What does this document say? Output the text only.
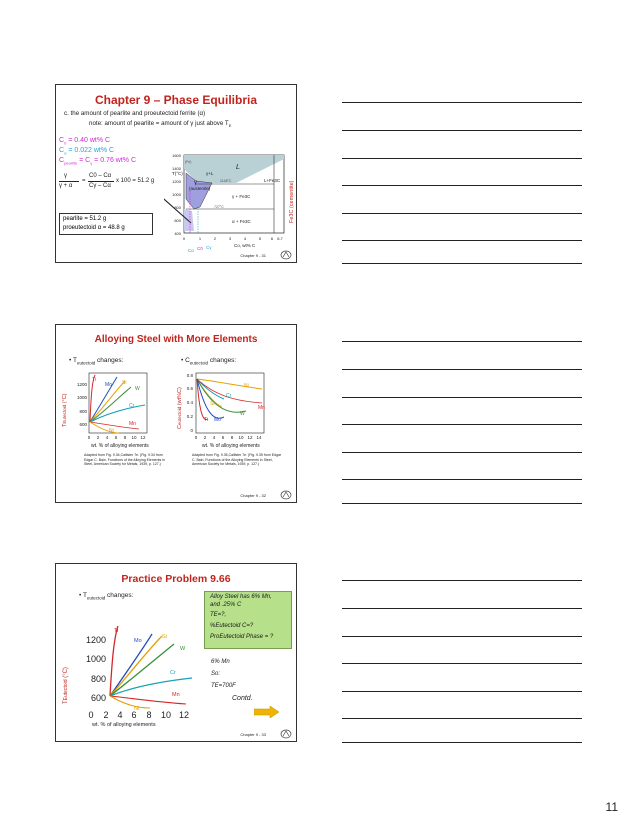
Chapter 9 – Phase Equilibria
c. the amount of pearlite and proeutectoid ferrite (α)
note: amount of pearlite = amount of γ just above $T_E$
$C_0 = 0.40$ wt% C
$C_\alpha = 0.022$ wt% C
$C_{pearlite} = C_\gamma = 0.76$ wt% C
γ
γ + α
=
C0 – Cα
Cγ – Cα
x 100 = 51.2 g
pearlite = 51.2 g
proeutectoid α = 48.8 g
1600
1400
1200
1000
800
600
400
T(°C)
0	1	2	3	4	5 6 6.7
Co, wt% C
L
γ
(austenite)
γ+L
L+Fe3C
γ + Fe3C
α + Fe3C
1148°C
727°C
(Fe)
Cα C0 Cγ
Fe3C (cementite)
Chapter 9 - 31
Alloying Steel with More Elements
• $T_{eutectoid}$ changes:	• $C_{eutectoid}$ changes:
TEutectoid (°C)
1200
1000
800
600
0 2 4 6 8 10 12
wt. % of alloying elements
Ti
Mo Si
W
Cr
Mn
Ni
Ceutectoid (wt%C)
0.8
0.6
0.4
0.2
0
0 2 4 6 8 10 12 14
wt. % of alloying elements
Ni
Cr
Si
Mn
W
Ti Mo
Adapted from Fig. 9.34,Callister 7e. (Fig. 9.34 from Edgar C. Bain, Functions of the Alloying Elements in Steel, American Society for Metals, 1939, p. 127.)
Adapted from Fig. 9.35,Callister 7e. (Fig. 9.35 from Edgar C. Bain, Functions of the Alloying Elements in Steel, American Society for Metals, 1939, p. 127.)
Chapter 9 - 32
Practice Problem 9.66
• $T_{eutectoid}$ changes:
TEutectoid (°C)
1200
1000
800
600
0 2 4 6 8 10 12
wt. % of alloying elements
Ti
Mo
Si
W
Cr
Mn
Ni
Alloy Steel has 6% Mn,
and .25% C
TE=?,
%Eutectoid C=?
ProEutectoid Phase = ?
6% Mn
So:
TE=700F
Contd.
Chapter 9 - 33
11
